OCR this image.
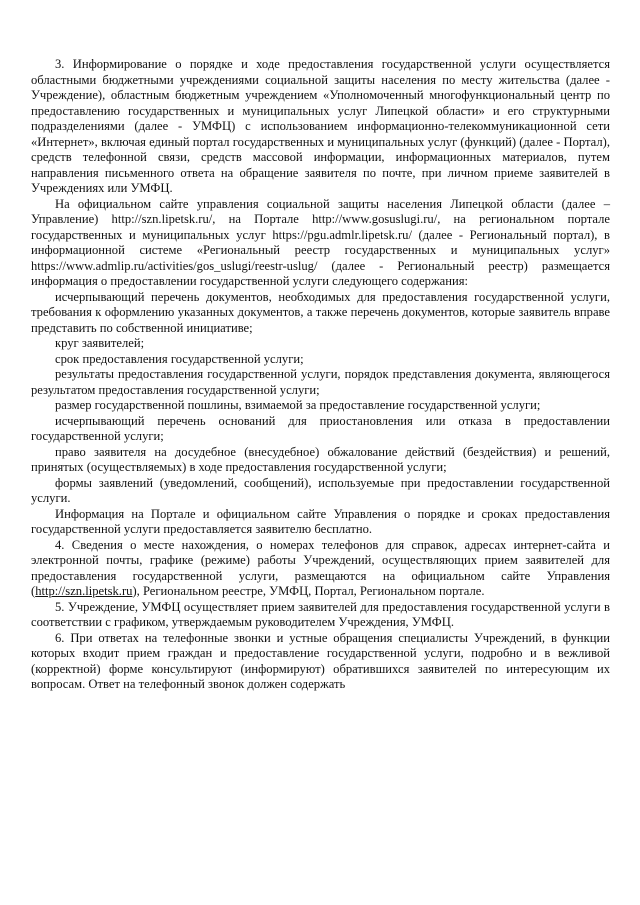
3. Информирование о порядке и ходе предоставления государственной услуги осуществляется областными бюджетными учреждениями социальной защиты населения по месту жительства (далее - Учреждение), областным бюджетным учреждением «Уполномоченный многофункциональный центр по предоставлению государственных и муниципальных услуг Липецкой области» и его структурными подразделениями (далее - УМФЦ) с использованием информационно-телекоммуникационной сети «Интернет», включая единый портал государственных и муниципальных услуг (функций) (далее - Портал), средств телефонной связи, средств массовой информации, информационных материалов, путем направления письменного ответа на обращение заявителя по почте, при личном приеме заявителей в Учреждениях или УМФЦ.

На официальном сайте управления социальной защиты населения Липецкой области (далее – Управление) http://szn.lipetsk.ru/, на Портале http://www.gosuslugi.ru/, на региональном портале государственных и муниципальных услуг https://pgu.admlr.lipetsk.ru/ (далее - Региональный портал), в информационной системе «Региональный реестр государственных и муниципальных услуг» https://www.admlip.ru/activities/gos_uslugi/reestr-uslug/ (далее - Региональный реестр) размещается информация о предоставлении государственной услуги следующего содержания:

исчерпывающий перечень документов, необходимых для предоставления государственной услуги, требования к оформлению указанных документов, а также перечень документов, которые заявитель вправе представить по собственной инициативе;

круг заявителей;

срок предоставления государственной услуги;

результаты предоставления государственной услуги, порядок представления документа, являющегося результатом предоставления государственной услуги;

размер государственной пошлины, взимаемой за предоставление государственной услуги;

исчерпывающий перечень оснований для приостановления или отказа в предоставлении государственной услуги;

право заявителя на досудебное (внесудебное) обжалование действий (бездействия) и решений, принятых (осуществляемых) в ходе предоставления государственной услуги;

формы заявлений (уведомлений, сообщений), используемые при предоставлении государственной услуги.

Информация на Портале и официальном сайте Управления о порядке и сроках предоставления государственной услуги предоставляется заявителю бесплатно.

4. Сведения о месте нахождения, о номерах телефонов для справок, адресах интернет-сайта и электронной почты, графике (режиме) работы Учреждений, осуществляющих прием заявителей для предоставления государственной услуги, размещаются на официальном сайте Управления (http://szn.lipetsk.ru), Региональном реестре, УМФЦ, Портал, Региональном портале.

5. Учреждение, УМФЦ осуществляет прием заявителей для предоставления государственной услуги в соответствии с графиком, утверждаемым руководителем Учреждения, УМФЦ.

6. При ответах на телефонные звонки и устные обращения специалисты Учреждений, в функции которых входит прием граждан и предоставление государственной услуги, подробно и в вежливой (корректной) форме консультируют (информируют) обратившихся заявителей по интересующим их вопросам. Ответ на телефонный звонок должен содержать
